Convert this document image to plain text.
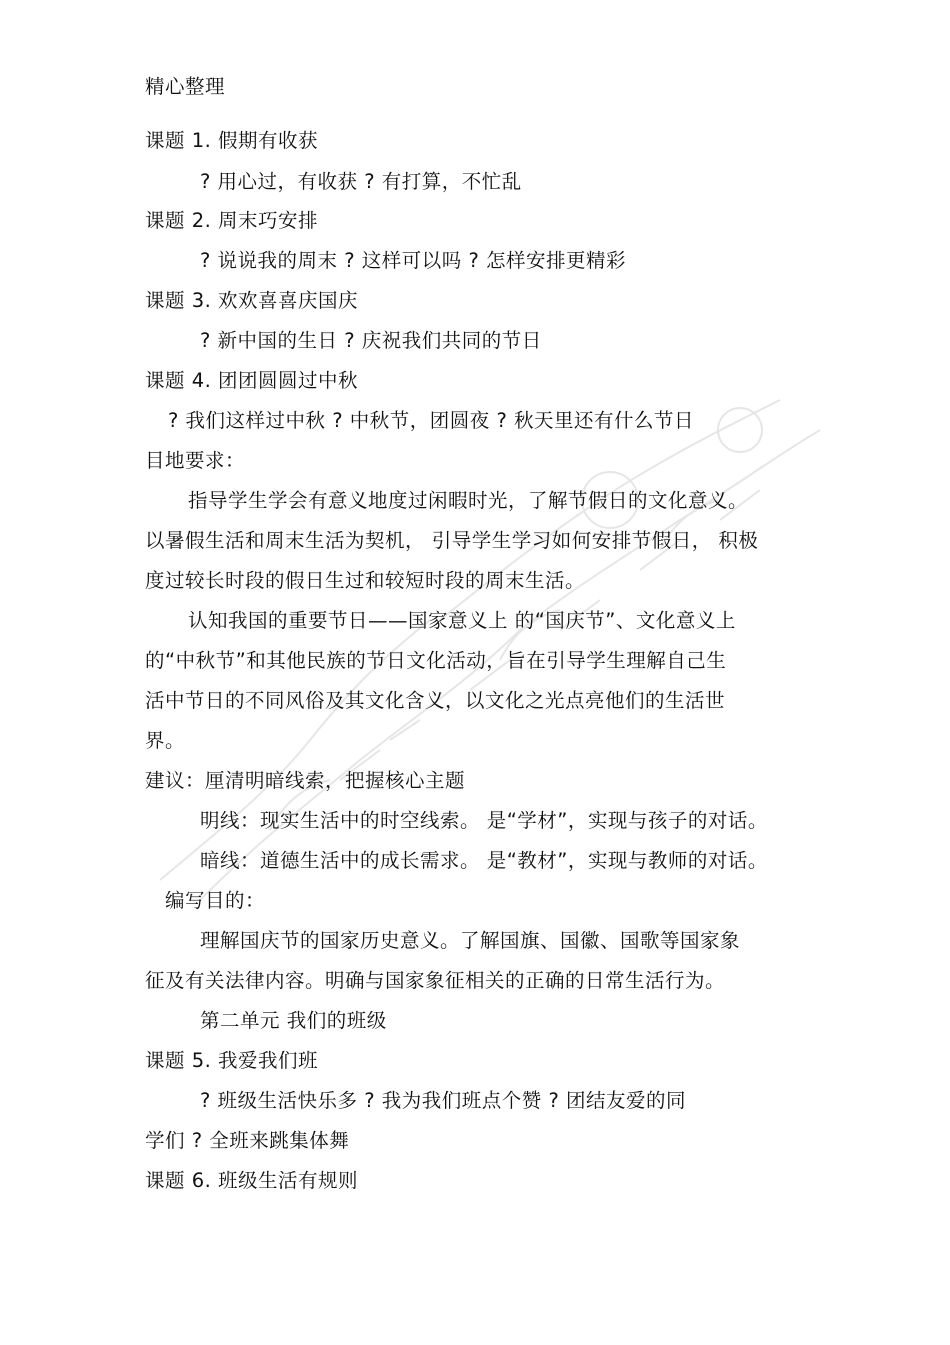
精心整理
课题 1. 假期有收获
? 用心过，有收获 ? 有打算，不忙乱
课题 2. 周末巧安排
? 说说我的周末 ? 这样可以吗 ? 怎样安排更精彩
课题 3. 欢欢喜喜庆国庆
? 新中国的生日 ? 庆祝我们共同的节日
课题 4. 团团圆圆过中秋
? 我们这样过中秋 ? 中秋节，团圆夜 ? 秋天里还有什么节日
目地要求：
指导学生学会有意义地度过闲暇时光，了解节假日的文化意义。
以暑假生活和周末生活为契机， 引导学生学习如何安排节假日， 积极
度过较长时段的假日生过和较短时段的周末生活。
认知我国的重要节日——国家意义上 的“国庆节”、文化意义上
的“中秋节”和其他民族的节日文化活动，旨在引导学生理解自己生
活中节日的不同风俗及其文化含义，以文化之光点亮他们的生活世
界。
建议：厘清明暗线索，把握核心主题
明线：现实生活中的时空线索。 是“学材”，实现与孩子的对话。
暗线：道德生活中的成长需求。 是“教材”，实现与教师的对话。
编写目的：
理解国庆节的国家历史意义。了解国旗、国徽、国歌等国家象
征及有关法律内容。明确与国家象征相关的正确的日常生活行为。
第二单元 我们的班级
课题 5. 我爱我们班
? 班级生活快乐多 ? 我为我们班点个赞 ? 团结友爱的同
学们 ? 全班来跳集体舞
课题 6. 班级生活有规则
